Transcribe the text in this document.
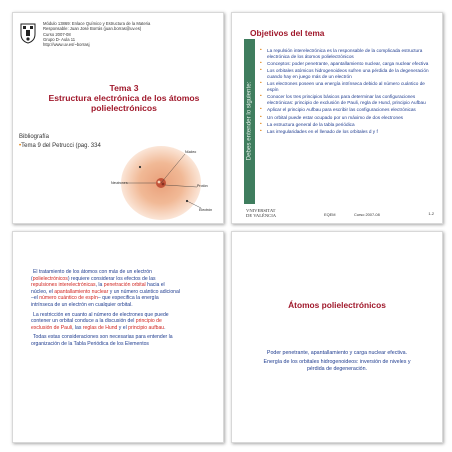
Módulo 13869: Enlace Químico y Estructura de la Materia
Responsable: Juan José Borrás (juan.borras@uv.es)
Curso 2007-08
Grupo D- Aula 11
http://www.uv.es/~borrasj
Tema 3
Estructura electrónica de los átomos polielectrónicos
Bibliografía
•Tema 9 del Petrucci (pag. 334
Núcleo
Neutrones
Protón
Electrón
Objetivos del tema
Debes entender lo siguiente:
• La repulsión interelectrónica es la responsable de la complicada estructura electrónica de los átomos polielectrónicos
• Conceptos: poder penetrante, apantallamiento nuclear, carga nuclear efectiva
• Los orbitales atómicos hidrogenoideos sufren una pérdida de la degeneración cuando hay en juego más de un electrón
• Los electrones poseen una energía intrínseca debido al número cuántico de espín
• Conocer los tres principios básicos para determinar las configuraciones electrónicas: principio de exclusión de Pauli, regla de Hund, principio Aufbau
• Aplicar el principio Aufbau para escribir las configuraciones electrónicas
• Un orbital puede estar ocupado por un máximo de dos electrones
• La estructura general de la tabla periódica
• Las irregularidades en el llenado de los orbitales d y f
VNIVERSITAT
DE VALÈNCIA	EQEM	Curso 2007-08	1-2

El tratamiento de los átomos con más de un electrón (polielectrónicos) requiere considerar los efectos de las repulsiones interelectrónicas, la penetración orbital hacia el núcleo, el apantallamiento nuclear y un número cuántico adicional –el número cuántico de espín– que especifica la energía intrínseca de un electrón en cualquier orbital.

La restricción en cuanto al número de electrones que puede contener un orbital conduce a la discusión del principio de exclusión de Pauli, las reglas de Hund y el principio aufbau.

Todas estas consideraciones son necesarias para entender la organización de la Tabla Periódica de los Elementos

Átomos polielectrónicos

Poder penetrante, apantallamiento y carga nuclear efectiva.

Energía de los orbitales hidrogenoideos: inversión de niveles y pérdida de degeneración.
